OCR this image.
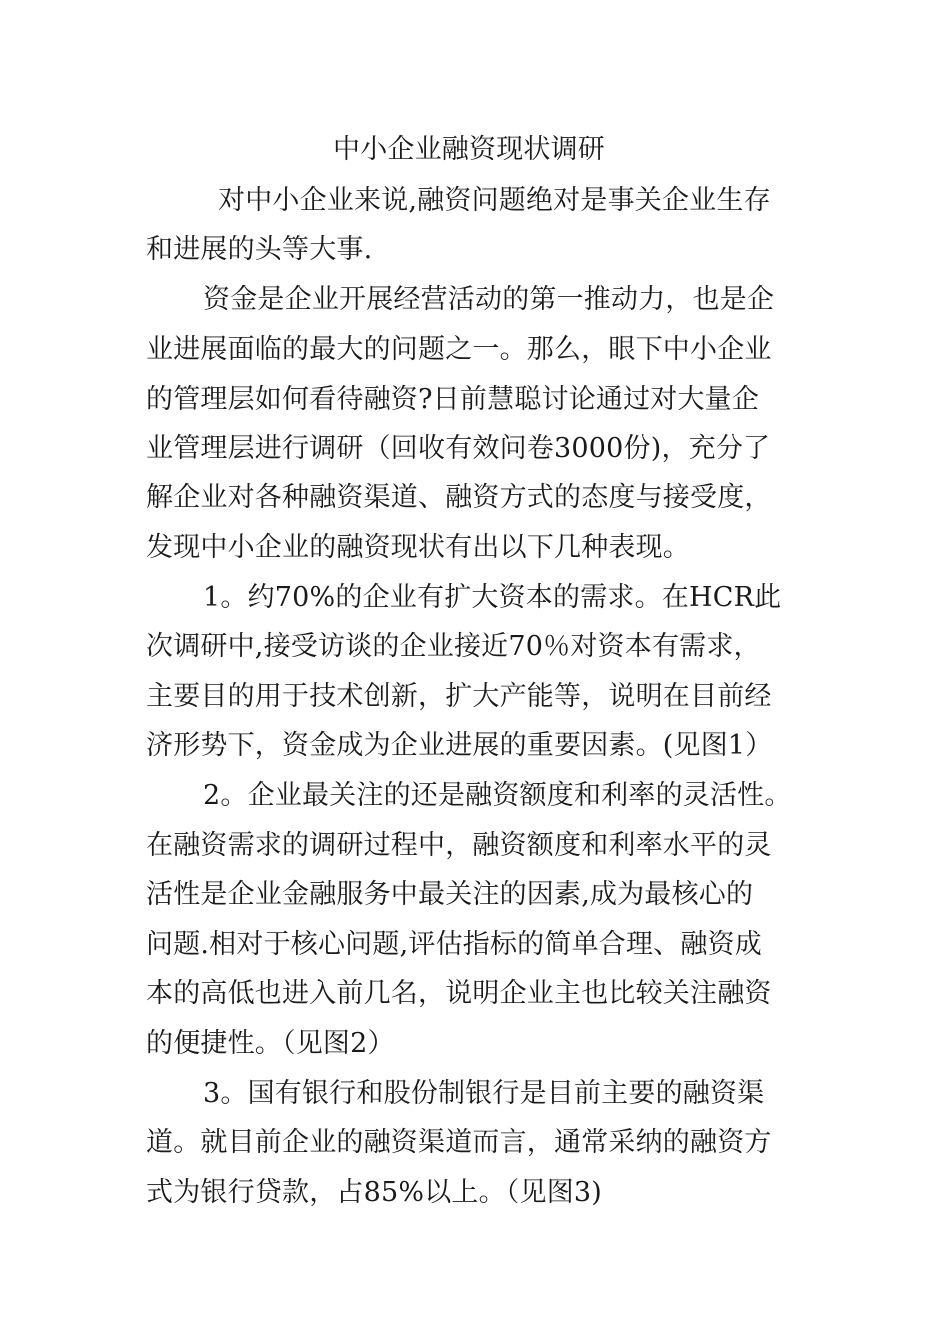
中小企业融资现状调研
对中小企业来说,融资问题绝对是事关企业生存
和进展的头等大事.
资金是企业开展经营活动的第一推动力，也是企
业进展面临的最大的问题之一。那么，眼下中小企业
的管理层如何看待融资?日前慧聪讨论通过对大量企
业管理层进行调研（回收有效问卷3000份)，充分了
解企业对各种融资渠道、融资方式的态度与接受度，
发现中小企业的融资现状有出以下几种表现。
1。约70%的企业有扩大资本的需求。在HCR此
次调研中,接受访谈的企业接近70％对资本有需求，
主要目的用于技术创新，扩大产能等，说明在目前经
济形势下，资金成为企业进展的重要因素。(见图1）
2。企业最关注的还是融资额度和利率的灵活性。
在融资需求的调研过程中，融资额度和利率水平的灵
活性是企业金融服务中最关注的因素,成为最核心的
问题.相对于核心问题,评估指标的简单合理、融资成
本的高低也进入前几名，说明企业主也比较关注融资
的便捷性。（见图2）
3。国有银行和股份制银行是目前主要的融资渠
道。就目前企业的融资渠道而言，通常采纳的融资方
式为银行贷款，占85%以上。（见图3)
